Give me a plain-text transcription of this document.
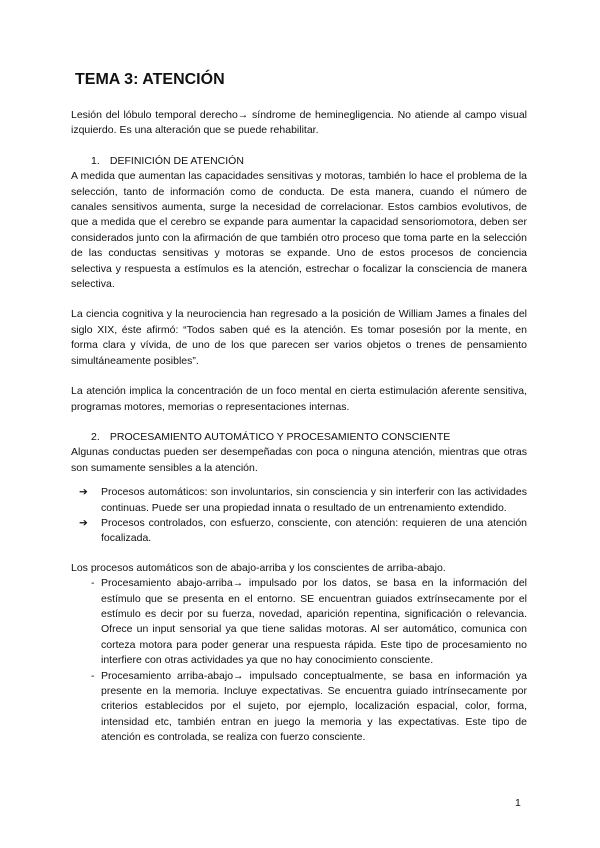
TEMA 3: ATENCIÓN

Lesión del lóbulo temporal derecho→ síndrome de heminegligencia. No atiende al campo visual izquierdo. Es una alteración que se puede rehabilitar.

1. DEFINICIÓN DE ATENCIÓN

A medida que aumentan las capacidades sensitivas y motoras, también lo hace el problema de la selección, tanto de información como de conducta. De esta manera, cuando el número de canales sensitivos aumenta, surge la necesidad de correlacionar. Estos cambios evolutivos, de que a medida que el cerebro se expande para aumentar la capacidad sensoriomotora, deben ser considerados junto con la afirmación de que también otro proceso que toma parte en la selección de las conductas sensitivas y motoras se expande. Uno de estos procesos de conciencia selectiva y respuesta a estímulos es la atención, estrechar o focalizar la consciencia de manera selectiva.

La ciencia cognitiva y la neurociencia han regresado a la posición de William James a finales del siglo XIX, éste afirmó: “Todos saben qué es la atención. Es tomar posesión por la mente, en forma clara y vívida, de uno de los que parecen ser varios objetos o trenes de pensamiento simultáneamente posibles”.

La atención implica la concentración de un foco mental en cierta estimulación aferente sensitiva, programas motores, memorias o representaciones internas.

2. PROCESAMIENTO AUTOMÁTICO Y PROCESAMIENTO CONSCIENTE

Algunas conductas pueden ser desempeñadas con poca o ninguna atención, mientras que otras son sumamente sensibles a la atención.

➔ Procesos automáticos: son involuntarios, sin consciencia y sin interferir con las actividades continuas. Puede ser una propiedad innata o resultado de un entrenamiento extendido.
➔ Procesos controlados, con esfuerzo, consciente, con atención: requieren de una atención focalizada.

Los procesos automáticos son de abajo-arriba y los conscientes de arriba-abajo.

- Procesamiento abajo-arriba→ impulsado por los datos, se basa en la información del estímulo que se presenta en el entorno. SE encuentran guiados extrínsecamente por el estímulo es decir por su fuerza, novedad, aparición repentina, significación o relevancia. Ofrece un input sensorial ya que tiene salidas motoras. Al ser automático, comunica con corteza motora para poder generar una respuesta rápida. Este tipo de procesamiento no interfiere con otras actividades ya que no hay conocimiento consciente.
- Procesamiento arriba-abajo→ impulsado conceptualmente, se basa en información ya presente en la memoria. Incluye expectativas. Se encuentra guiado intrínsecamente por criterios establecidos por el sujeto, por ejemplo, localización espacial, color, forma, intensidad etc, también entran en juego la memoria y las expectativas. Este tipo de atención es controlada, se realiza con fuerzo consciente.
1
